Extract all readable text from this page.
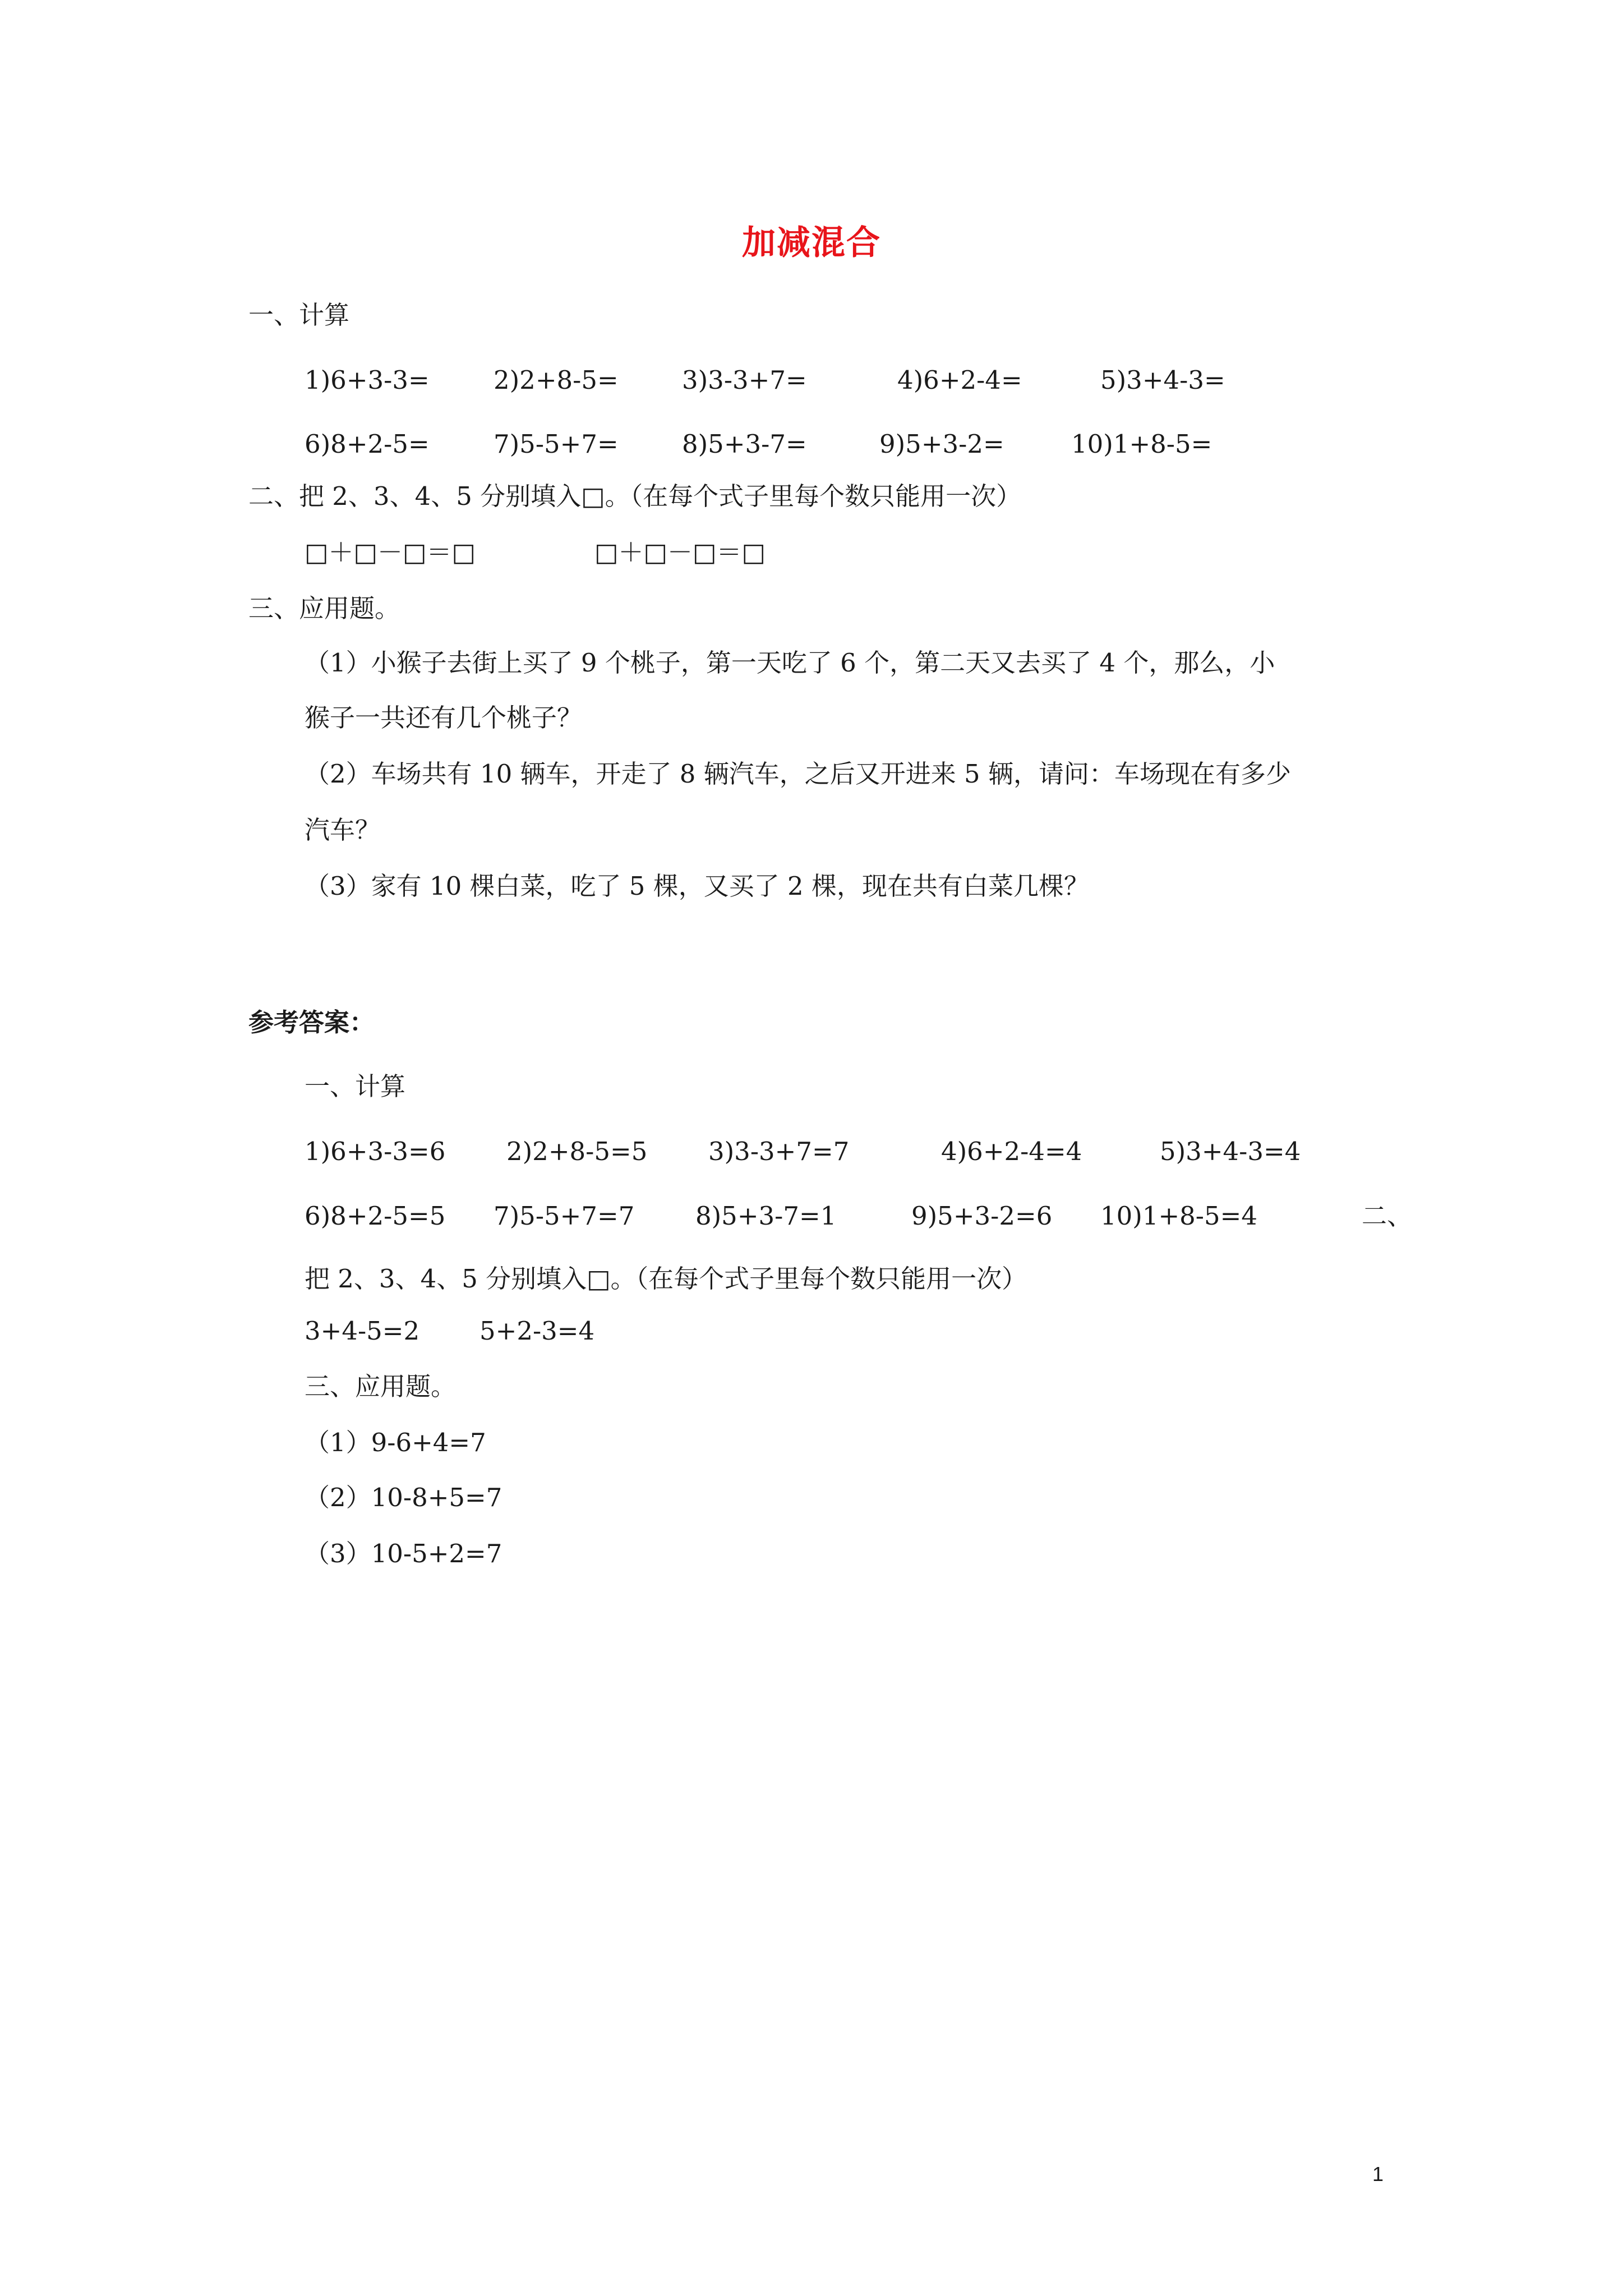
加减混合
一、计算
1)6+3-3=	2)2+8-5=	3)3-3+7=	4)6+2-4=	5)3+4-3=
6)8+2-5=	7)5-5+7=	8)5+3-7=	9)5+3-2=	10)1+8-5=
二、把 2、3、4、5 分别填入□。（在每个式子里每个数只能用一次）
□＋□－□＝□	□＋□－□＝□
三、应用题。
（1）小猴子去街上买了 9 个桃子，第一天吃了 6 个，第二天又去买了 4 个，那么，小
猴子一共还有几个桃子？
（2）车场共有 10 辆车，开走了 8 辆汽车，之后又开进来 5 辆，请问：车场现在有多少
汽车？
（3）家有 10 棵白菜，吃了 5 棵，又买了 2 棵，现在共有白菜几棵？
参考答案：
一、计算
1)6+3-3=6 2)2+8-5=5 3)3-3+7=7	4)6+2-4=4	5)3+4-3=4
6)8+2-5=5 7)5-5+7=7 8)5+3-7=1	9)5+3-2=6 10)1+8-5=4	二、
把 2、3、4、5 分别填入□。（在每个式子里每个数只能用一次）
3+4-5=2 5+2-3=4
三、应用题。
（1）9-6+4=7
（2）10-8+5=7
（3）10-5+2=7
1
